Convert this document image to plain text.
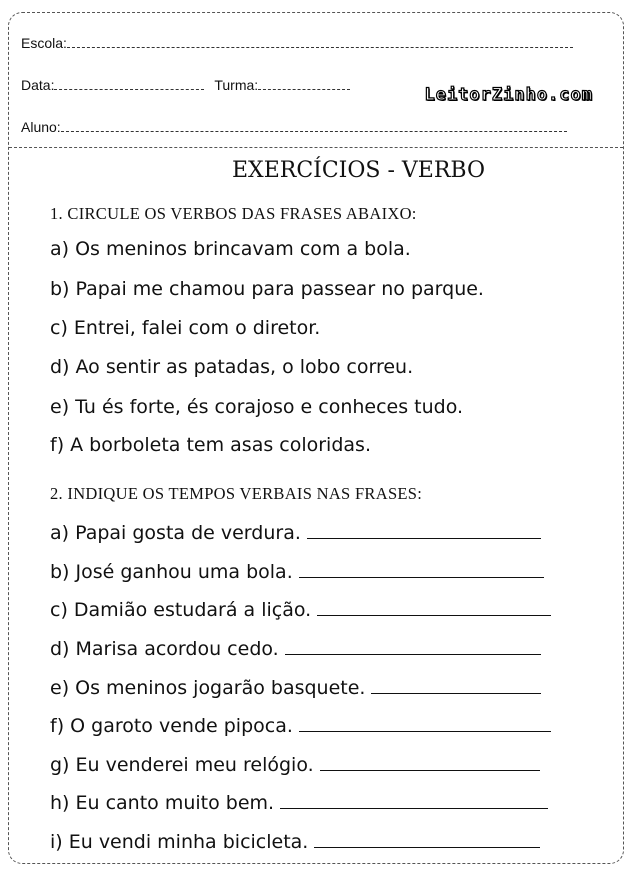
Escola:
Data:	Turma:	LeitorZinho.com
Aluno:
EXERCÍCIOS - VERBO
1. CIRCULE OS VERBOS DAS FRASES ABAIXO:
a) Os meninos brincavam com a bola.
b) Papai me chamou para passear no parque.
c) Entrei, falei com o diretor.
d) Ao sentir as patadas, o lobo correu.
e) Tu és forte, és corajoso e conheces tudo.
f) A borboleta tem asas coloridas.
2. INDIQUE OS TEMPOS VERBAIS NAS FRASES:
a) Papai gosta de verdura.
b) José ganhou uma bola.
c) Damião estudará a lição.
d) Marisa acordou cedo.
e) Os meninos jogarão basquete.
f) O garoto vende pipoca.
g) Eu venderei meu relógio.
h) Eu canto muito bem.
i) Eu vendi minha bicicleta.
